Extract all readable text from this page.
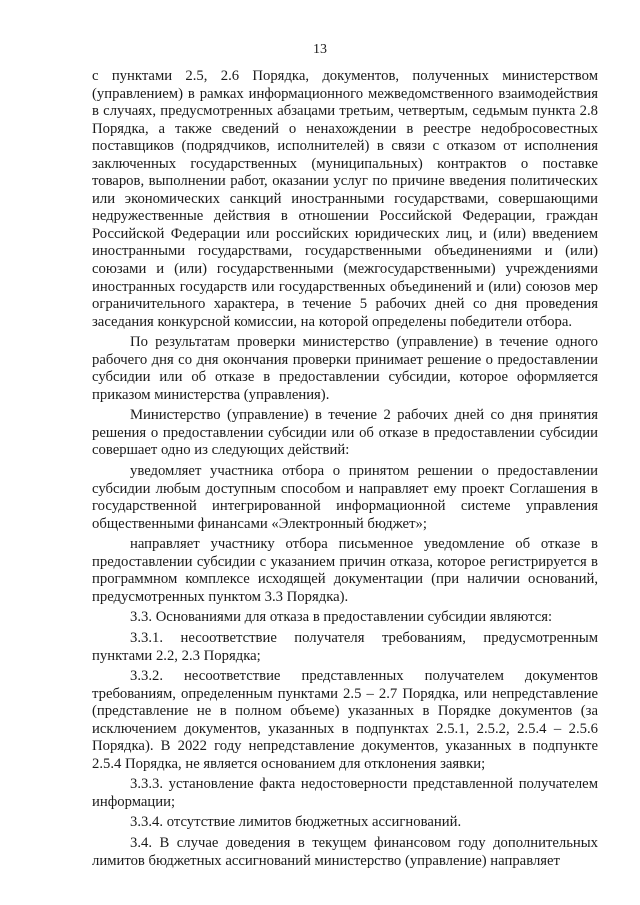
13

с пунктами 2.5, 2.6 Порядка, документов, полученных министерством (управлением) в рамках информационного межведомственного взаимодействия в случаях, предусмотренных абзацами третьим, четвертым, седьмым пункта 2.8 Порядка, а также сведений о ненахождении в реестре недобросовестных поставщиков (подрядчиков, исполнителей) в связи с отказом от исполнения заключенных государственных (муниципальных) контрактов о поставке товаров, выполнении работ, оказании услуг по причине введения политических или экономических санкций иностранными государствами, совершающими недружественные действия в отношении Российской Федерации, граждан Российской Федерации или российских юридических лиц, и (или) введением иностранными государствами, государственными объединениями и (или) союзами и (или) государственными (межгосударственными) учреждениями иностранных государств или государственных объединений и (или) союзов мер ограничительного характера, в течение 5 рабочих дней со дня проведения заседания конкурсной комиссии, на которой определены победители отбора.

По результатам проверки министерство (управление) в течение одного рабочего дня со дня окончания проверки принимает решение о предоставлении субсидии или об отказе в предоставлении субсидии, которое оформляется приказом министерства (управления).

Министерство (управление) в течение 2 рабочих дней со дня принятия решения о предоставлении субсидии или об отказе в предоставлении субсидии совершает одно из следующих действий:

уведомляет участника отбора о принятом решении о предоставлении субсидии любым доступным способом и направляет ему проект Соглашения в государственной интегрированной информационной системе управления общественными финансами «Электронный бюджет»;

направляет участнику отбора письменное уведомление об отказе в предоставлении субсидии с указанием причин отказа, которое регистрируется в программном комплексе исходящей документации (при наличии оснований, предусмотренных пунктом 3.3 Порядка).

3.3. Основаниями для отказа в предоставлении субсидии являются:

3.3.1. несоответствие получателя требованиям, предусмотренным пунктами 2.2, 2.3 Порядка;

3.3.2. несоответствие представленных получателем документов требованиям, определенным пунктами 2.5 – 2.7 Порядка, или непредставление (представление не в полном объеме) указанных в Порядке документов (за исключением документов, указанных в подпунктах 2.5.1, 2.5.2, 2.5.4 – 2.5.6 Порядка). В 2022 году непредставление документов, указанных в подпункте 2.5.4 Порядка, не является основанием для отклонения заявки;

3.3.3. установление факта недостоверности представленной получателем информации;

3.3.4. отсутствие лимитов бюджетных ассигнований.

3.4. В случае доведения в текущем финансовом году дополнительных лимитов бюджетных ассигнований министерство (управление) направляет
